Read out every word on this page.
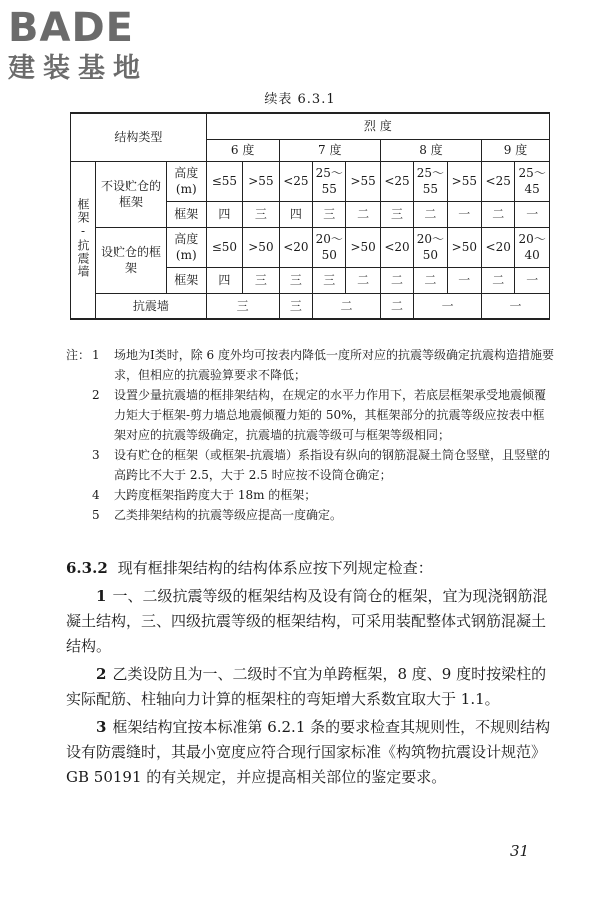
BADE
建装基地
续表 6.3.1
结构类型			烈 度									
			6 度		7 度			8 度			9 度	
框架-抗震墙	不设贮仓的框架	高度(m)	≤55	>55	<25	25～55	>55	<25	25～55	>55	<25	25～45
		框架	四	三	四	三	二	三	二	一	二	一
	设贮仓的框架	高度(m)	≤50	>50	<20	20～50	>50	<20	20～50	>50	<20	20～40
		框架	四	三	三	三	二	二	二	一	二	一
	抗震墙		三		三	二		二	一		一	
注： 1	场地为Ⅰ类时，除 6 度外均可按表内降低一度所对应的抗震等级确定抗震构造措施要求，但相应的抗震验算要求不降低；
2	设置少量抗震墙的框排架结构，在规定的水平力作用下，若底层框架承受地震倾覆力矩大于框架-剪力墙总地震倾覆力矩的 50%，其框架部分的抗震等级应按表中框架对应的抗震等级确定，抗震墙的抗震等级可与框架等级相同；
3	设有贮仓的框架（或框架-抗震墙）系指设有纵向的钢筋混凝土筒仓竖壁，且竖壁的高跨比不大于 2.5，大于 2.5 时应按不设筒仓确定；
4	大跨度框架指跨度大于 18m 的框架；
5	乙类排架结构的抗震等级应提高一度确定。

6.3.2 现有框排架结构的结构体系应按下列规定检查：

1 一、二级抗震等级的框架结构及设有筒仓的框架，宜为现浇钢筋混凝土结构，三、四级抗震等级的框架结构，可采用装配整体式钢筋混凝土结构。

2 乙类设防且为一、二级时不宜为单跨框架，8 度、9 度时按梁柱的实际配筋、柱轴向力计算的框架柱的弯矩增大系数宜取大于 1.1。

3 框架结构宜按本标准第 6.2.1 条的要求检查其规则性，不规则结构设有防震缝时，其最小宽度应符合现行国家标准《构筑物抗震设计规范》GB 50191 的有关规定，并应提高相关部位的鉴定要求。

31
